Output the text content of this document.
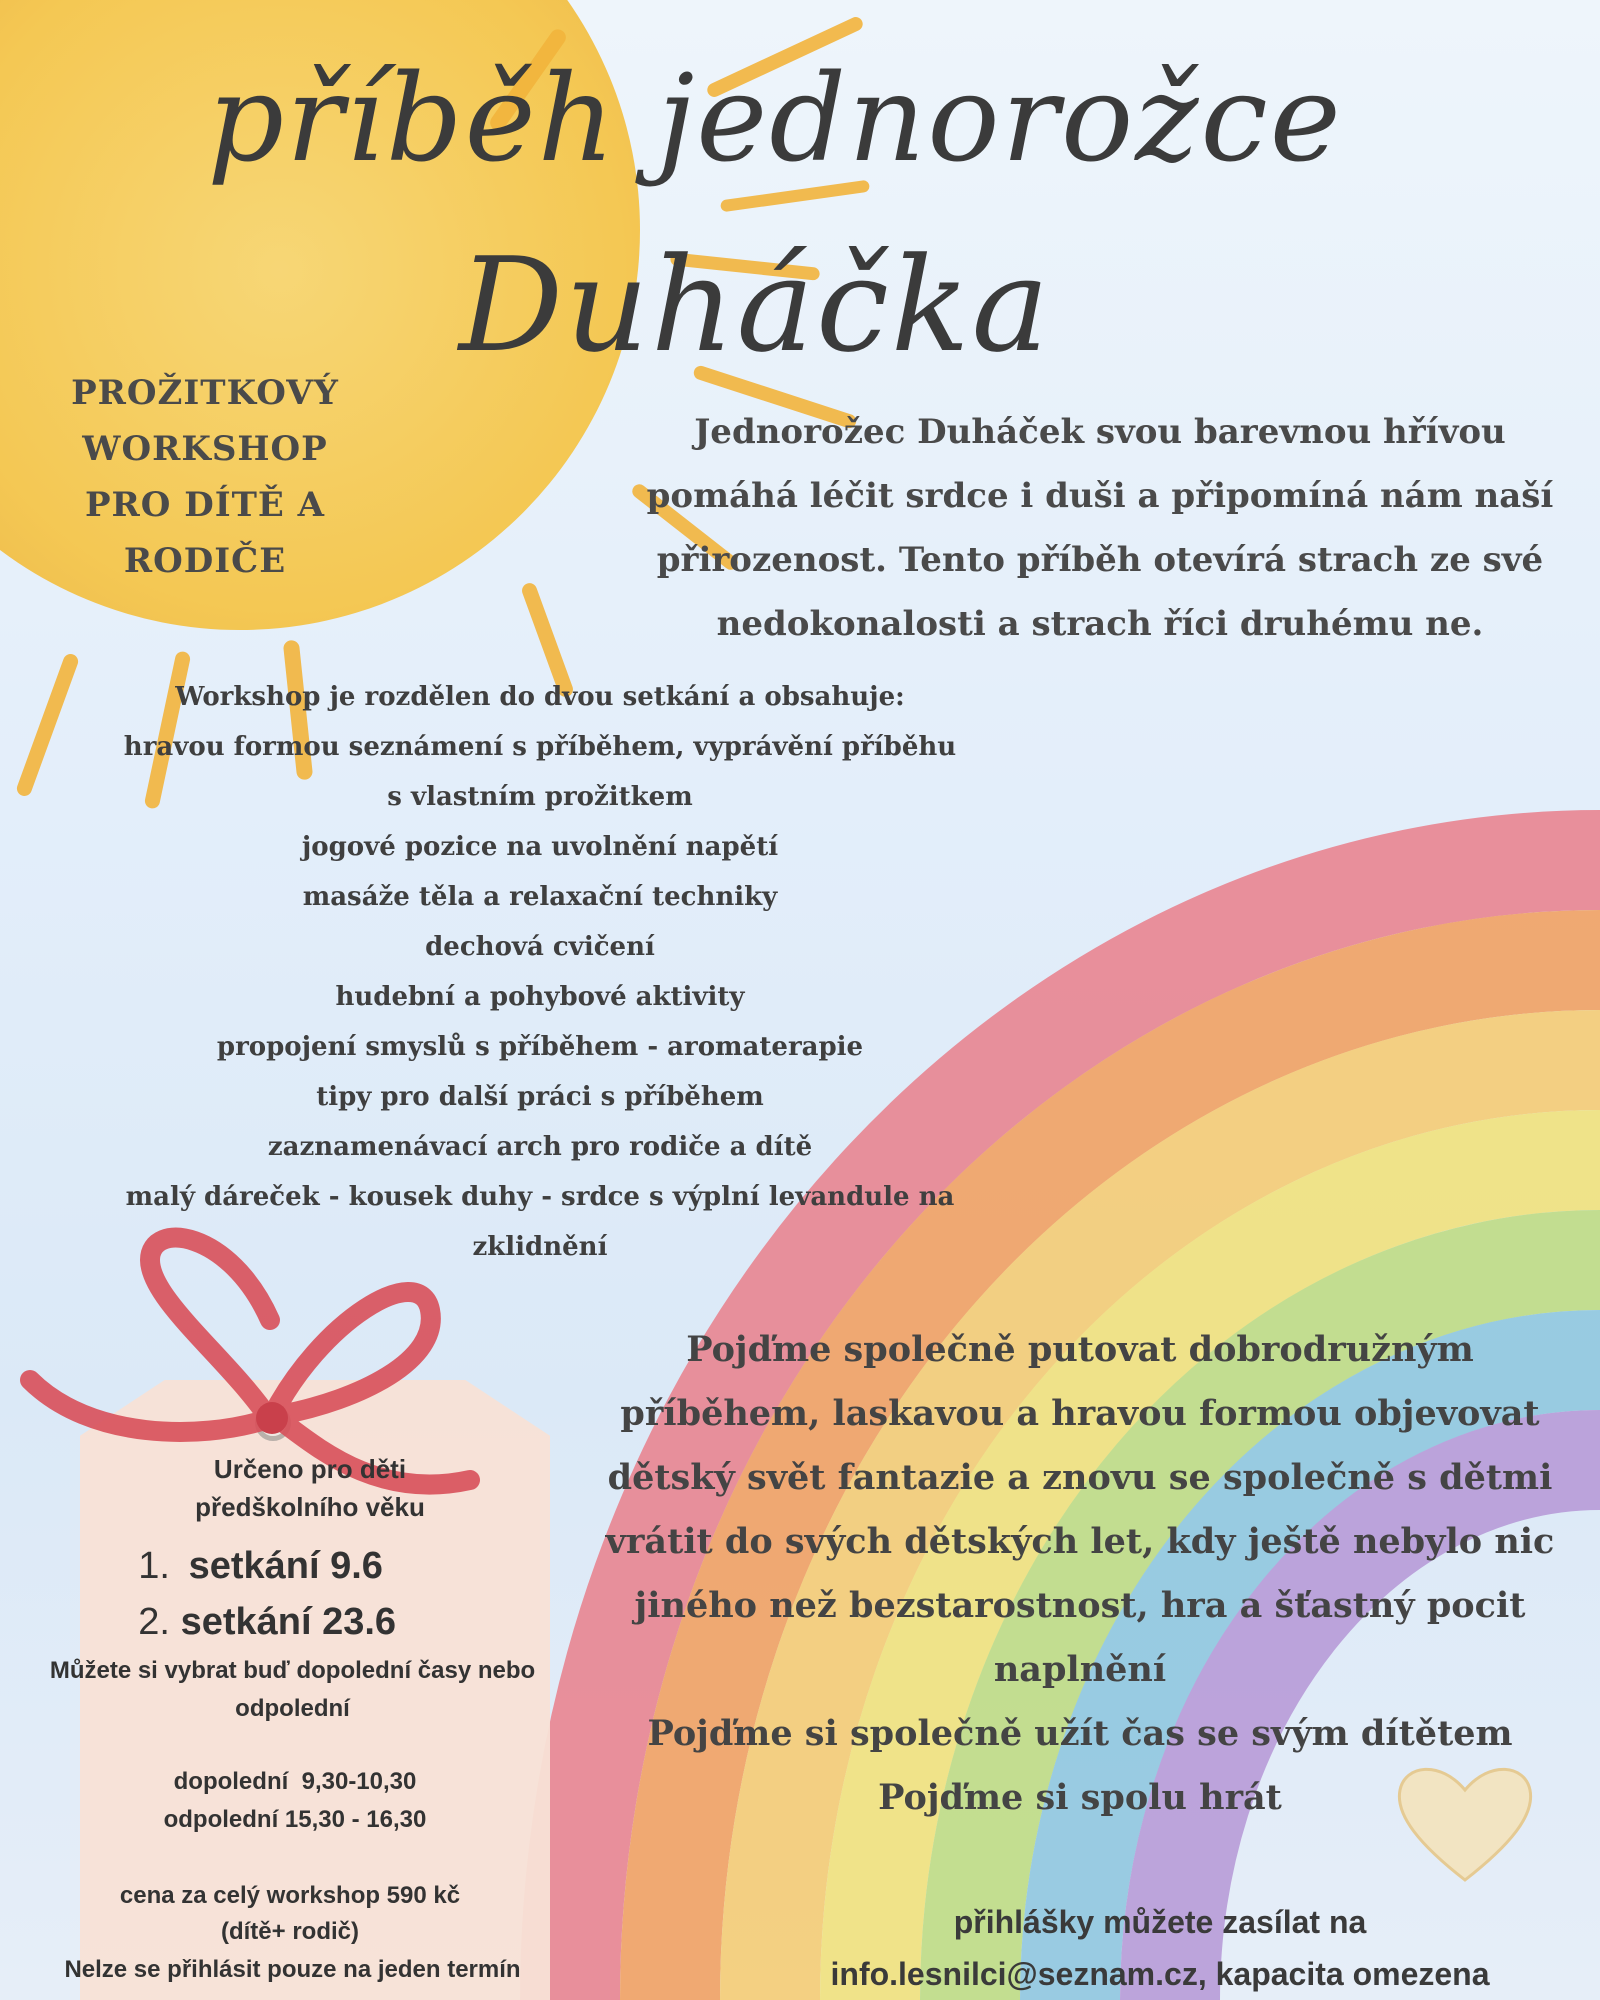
příběh jednorožce
Duháčka
PROŽITKOVÝ
WORKSHOP
PRO DÍTĚ A
RODIČE
Jednorožec Duháček svou barevnou hřívou
pomáhá léčit srdce i duši a připomíná nám naší
přirozenost. Tento příběh otevírá strach ze své
nedokonalosti a strach říci druhému ne.
Workshop je rozdělen do dvou setkání a obsahuje:
hravou formou seznámení s příběhem, vyprávění příběhu
s vlastním prožitkem
jogové pozice na uvolnění napětí
masáže těla a relaxační techniky
dechová cvičení
hudební a pohybové aktivity
propojení smyslů s příběhem - aromaterapie
tipy pro další práci s příběhem
zaznamenávací arch pro rodiče a dítě
malý dáreček - kousek duhy - srdce s výplní levandule na
zklidnění
Určeno pro děti
předškolního věku
1. setkání 9.6
2. setkání 23.6
Můžete si vybrat buď dopolední časy nebo
odpolední
dopolední  9,30-10,30
odpolední 15,30 - 16,30
cena za celý workshop 590 kč
(dítě+ rodič)
Nelze se přihlásit pouze na jeden termín
Pojďme společně putovat dobrodružným
příběhem, laskavou a hravou formou objevovat
dětský svět fantazie a znovu se společně s dětmi
vrátit do svých dětských let, kdy ještě nebylo nic
jiného než bezstarostnost, hra a šťastný pocit
naplnění
Pojďme si společně užít čas se svým dítětem
Pojďme si spolu hrát
přihlášky můžete zasílat na
info.lesnilci@seznam.cz, kapacita omezena
